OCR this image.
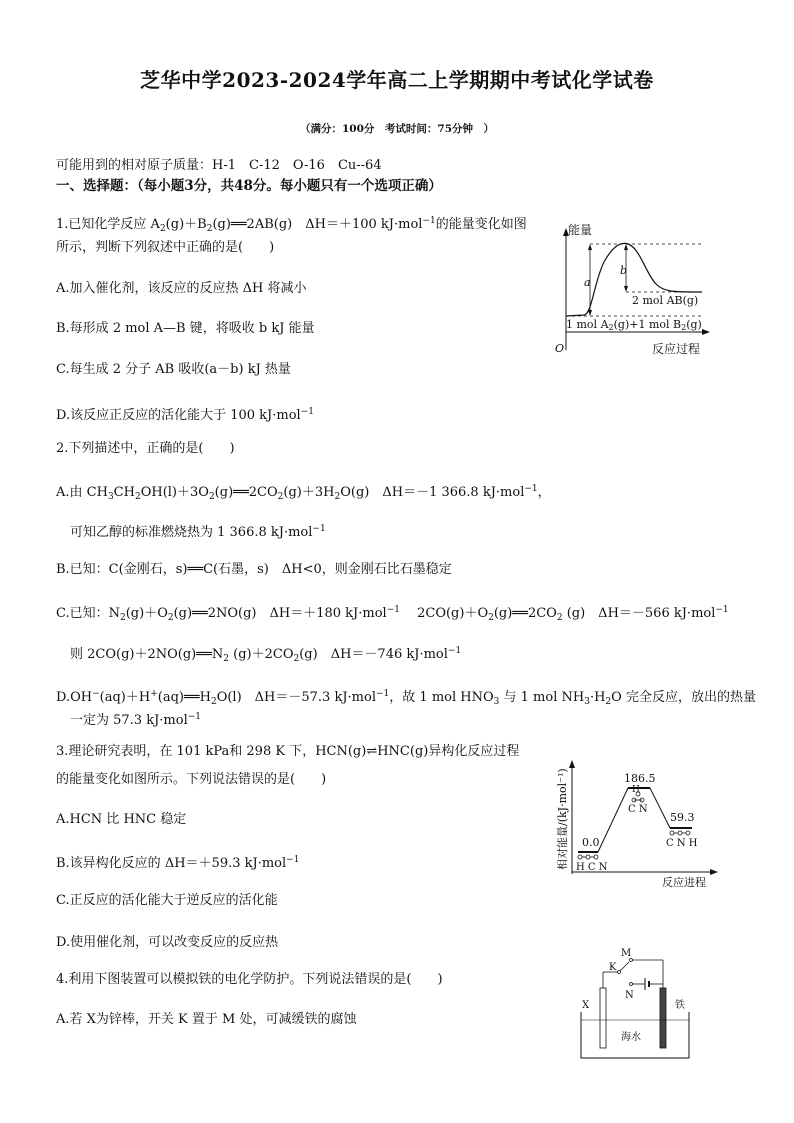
芝华中学2023-2024学年高二上学期期中考试化学试卷
（满分：100分　考试时间：75分钟　）
可能用到的相对原子质量：H-1　C-12　O-16　Cu--64
一、选择题：（每小题3分，共48分。每小题只有一个选项正确）
1.已知化学反应 $A_2(g)+B_2(g)══2AB(g)$　ΔH＝＋100 kJ·mol$^{-1}$的能量变化如图
所示，判断下列叙述中正确的是(　　)
A.加入催化剂，该反应的反应热 ΔH 将减小
B.每形成 2 mol A—B 键，将吸收 b kJ 能量
C.每生成 2 分子 AB 吸收(a－b) kJ 热量
D.该反应正反应的活化能大于 100 kJ·mol$^{-1}$
能量
反应过程
O
a
b
2 mol AB(g)
1 mol A2(g)+1 mol B2(g)
2.下列描述中，正确的是(　　)
A.由 $CH_3CH_2OH(l)+3O_2(g)══2CO_2(g)+3H_2O(g)$　ΔH＝－1 366.8 kJ·mol$^{-1}$，
可知乙醇的标准燃烧热为 1 366.8 kJ·mol$^{-1}$
B.已知：C(金刚石，s)══C(石墨，s)　ΔH<0，则金刚石比石墨稳定
C.已知：$N_2(g)+O_2(g)══2NO(g)$　ΔH＝＋180 kJ·mol$^{-1}$　 $2CO(g)+O_2(g)══2CO_2$ (g)　ΔH＝－566 kJ·mol$^{-1}$
则 $2CO(g)+2NO(g)══N_2$ $(g)+2CO_2(g)$　ΔH＝－746 kJ·mol$^{-1}$
$D.OH^-(aq)+H^+(aq)══H_2O(l)$　ΔH＝－57.3 kJ·mol$^{-1}$，故 1 mol $HNO_3$ 与 1 mol $NH_3\cdot H_2O$ 完全反应，放出的热量
一定为 57.3 kJ·mol$^{-1}$
3.理论研究表明，在 101 kPa和 298 K 下，HCN(g)⇌HNC(g)异构化反应过程
的能量变化如图所示。下列说法错误的是(　　)
A.HCN 比 HNC 稳定
B.该异构化反应的 ΔH＝＋59.3 kJ·mol$^{-1}$
C.正反应的活化能大于逆反应的活化能
D.使用催化剂，可以改变反应的反应热
相对能量/(kJ·mol⁻¹)
反应进程
0.0
186.5
59.3
H C N
H
C N
C N H
4.利用下图装置可以模拟铁的电化学防护。下列说法错误的是(　　)
A.若 X为锌棒，开关 K 置于 M 处，可减缓铁的腐蚀
M
K
N
X	铁
海水
